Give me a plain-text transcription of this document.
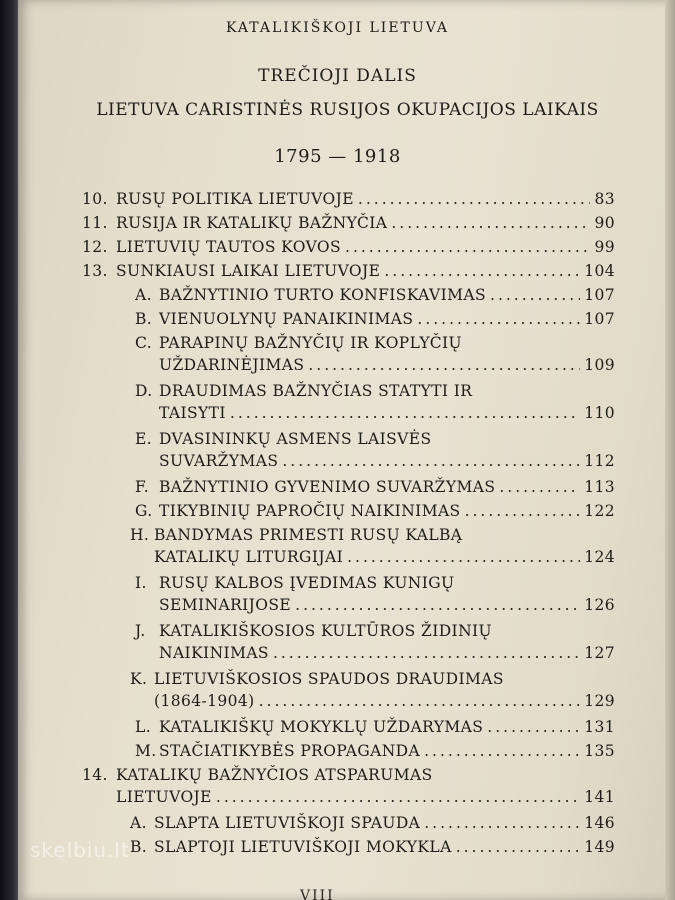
KATALIKIŠKOJI LIETUVA
TREČIOJI DALIS
LIETUVA CARISTINĖS RUSIJOS OKUPACIJOS LAIKAIS
1795 — 1918
10. RUSŲ POLITIKA LIETUVOJE .....	83
11. RUSIJA IR KATALIKŲ BAŽNYČIA .....	90
12. LIETUVIŲ TAUTOS KOVOS .....	99
13. SUNKIAUSI LAIKAI LIETUVOJE .....	104
A. BAŽNYTINIO TURTO KONFISKAVIMAS .....	107
B. VIENUOLYNŲ PANAIKINIMAS .....	107
C. PARAPINŲ BAŽNYČIŲ IR KOPLYČIŲ
UŽDARINĖJIMAS .....	109
D. DRAUDIMAS BAŽNYČIAS STATYTI IR
TAISYTI .....	110
E. DVASININKŲ ASMENS LAISVĖS
SUVARŽYMAS .....	112
F. BAŽNYTINIO GYVENIMO SUVARŽYMAS .....	113
G. TIKYBINIŲ PAPROČIŲ NAIKINIMAS .....	122
H. BANDYMAS PRIMESTI RUSŲ KALBĄ
KATALIKŲ LITURGIJAI .....	124
I. RUSŲ KALBOS ĮVEDIMAS KUNIGŲ
SEMINARIJOSE .....	126
J. KATALIKIŠKOSIOS KULTŪROS ŽIDINIŲ
NAIKINIMAS .....	127
K. LIETUVIŠKOSIOS SPAUDOS DRAUDIMAS
(1864-1904) .....	129
L. KATALIKIŠKŲ MOKYKLŲ UŽDARYMAS .....	131
M. STAČIATIKYBĖS PROPAGANDA .....	135
14. KATALIKŲ BAŽNYČIOS ATSPARUMAS
LIETUVOJE .....	141
A. SLAPTA LIETUVIŠKOJI SPAUDA .....	146
B. SLAPTOJI LIETUVIŠKOJI MOKYKLA .....	149
VIII
skelbiu.lt
